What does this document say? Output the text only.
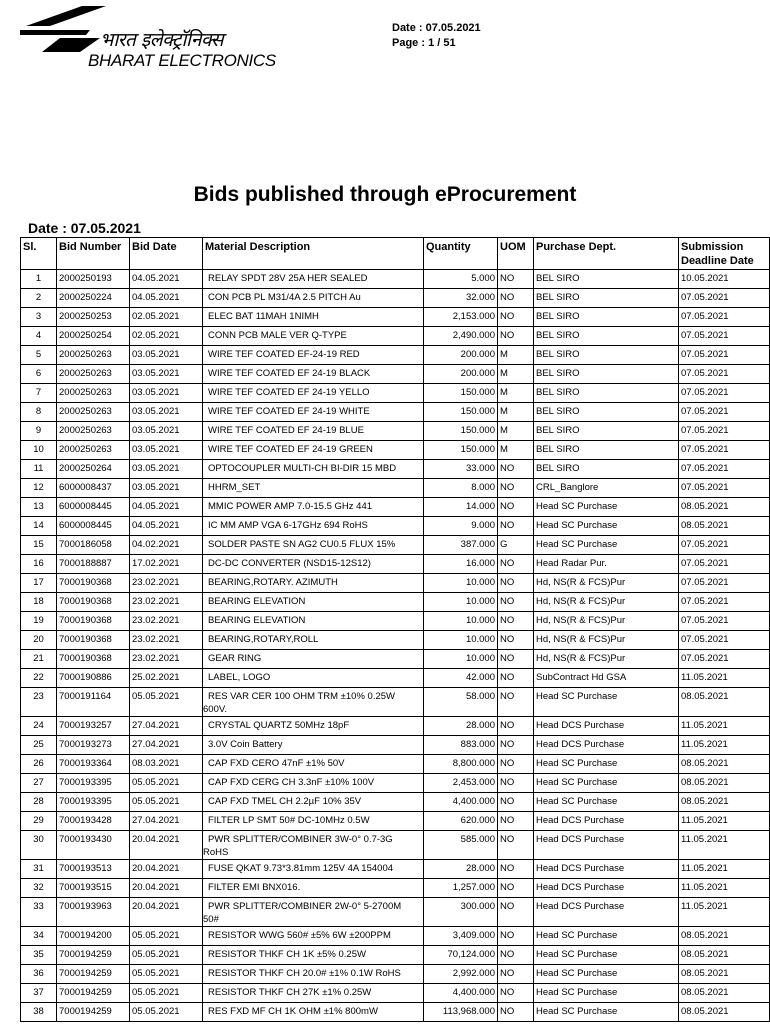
भारत इलेक्ट्रॉनिक्स
BHARAT ELECTRONICS
Date : 07.05.2021
Page : 1 / 51
Bids published through eProcurement
Date : 07.05.2021
Sl.	Bid Number	Bid Date	Material Description	Quantity	UOM	Purchase Dept.	Submission Deadline Date
1	2000250193	04.05.2021	RELAY SPDT 28V 25A HER SEALED	5.000	NO	BEL SIRO	10.05.2021
2	2000250224	04.05.2021	CON PCB PL M31/4A 2.5 PITCH Au	32.000	NO	BEL SIRO	07.05.2021
3	2000250253	02.05.2021	ELEC BAT 11MAH 1NIMH	2,153.000	NO	BEL SIRO	07.05.2021
4	2000250254	02.05.2021	CONN PCB MALE VER Q-TYPE	2,490.000	NO	BEL SIRO	07.05.2021
5	2000250263	03.05.2021	WIRE TEF COATED EF-24-19 RED	200.000	M	BEL SIRO	07.05.2021
6	2000250263	03.05.2021	WIRE TEF COATED EF 24-19 BLACK	200.000	M	BEL SIRO	07.05.2021
7	2000250263	03.05.2021	WIRE TEF COATED EF 24-19 YELLO	150.000	M	BEL SIRO	07.05.2021
8	2000250263	03.05.2021	WIRE TEF COATED EF 24-19 WHITE	150.000	M	BEL SIRO	07.05.2021
9	2000250263	03.05.2021	WIRE TEF COATED EF 24-19 BLUE	150.000	M	BEL SIRO	07.05.2021
10	2000250263	03.05.2021	WIRE TEF COATED EF 24-19 GREEN	150.000	M	BEL SIRO	07.05.2021
11	2000250264	03.05.2021	OPTOCOUPLER MULTI-CH BI-DIR 15 MBD	33.000	NO	BEL SIRO	07.05.2021
12	6000008437	03.05.2021	HHRM_SET	8.000	NO	CRL_Banglore	07.05.2021
13	6000008445	04.05.2021	MMIC POWER AMP 7.0-15.5 GHz 441	14.000	NO	Head SC Purchase	08.05.2021
14	6000008445	04.05.2021	IC MM AMP VGA 6-17GHz 694 RoHS	9.000	NO	Head SC Purchase	08.05.2021
15	7000186058	04.02.2021	SOLDER PASTE SN AG2 CU0.5 FLUX 15%	387.000	G	Head SC Purchase	07.05.2021
16	7000188887	17.02.2021	DC-DC CONVERTER (NSD15-12S12)	16.000	NO	Head Radar Pur.	07.05.2021
17	7000190368	23.02.2021	BEARING,ROTARY. AZIMUTH	10.000	NO	Hd, NS(R & FCS)Pur	07.05.2021
18	7000190368	23.02.2021	BEARING ELEVATION	10.000	NO	Hd, NS(R & FCS)Pur	07.05.2021
19	7000190368	23.02.2021	BEARING ELEVATION	10.000	NO	Hd, NS(R & FCS)Pur	07.05.2021
20	7000190368	23.02.2021	BEARING,ROTARY,ROLL	10.000	NO	Hd, NS(R & FCS)Pur	07.05.2021
21	7000190368	23.02.2021	GEAR RING	10.000	NO	Hd, NS(R & FCS)Pur	07.05.2021
22	7000190886	25.02.2021	LABEL, LOGO	42.000	NO	SubContract Hd GSA	11.05.2021
23	7000191164	05.05.2021	RES VAR CER 100 OHM TRM ±10% 0.25W
600V.	58.000	NO	Head SC Purchase	08.05.2021
24	7000193257	27.04.2021	CRYSTAL QUARTZ 50MHz 18pF	28.000	NO	Head DCS Purchase	11.05.2021
25	7000193273	27.04.2021	3.0V Coin Battery	883.000	NO	Head DCS Purchase	11.05.2021
26	7000193364	08.03.2021	CAP FXD CERO 47nF ±1% 50V	8,800.000	NO	Head SC Purchase	08.05.2021
27	7000193395	05.05.2021	CAP FXD CERG CH 3.3nF ±10% 100V	2,453.000	NO	Head SC Purchase	08.05.2021
28	7000193395	05.05.2021	CAP FXD TMEL CH 2.2µF 10% 35V	4,400.000	NO	Head SC Purchase	08.05.2021
29	7000193428	27.04.2021	FILTER LP SMT 50# DC-10MHz 0.5W	620.000	NO	Head DCS Purchase	11.05.2021
30	7000193430	20.04.2021	PWR SPLITTER/COMBINER 3W-0° 0.7-3G
RoHS	585.000	NO	Head DCS Purchase	11.05.2021
31	7000193513	20.04.2021	FUSE QKAT 9.73*3.81mm 125V 4A 154004	28.000	NO	Head DCS Purchase	11.05.2021
32	7000193515	20.04.2021	FILTER EMI BNX016.	1,257.000	NO	Head DCS Purchase	11.05.2021
33	7000193963	20.04.2021	PWR SPLITTER/COMBINER 2W-0° 5-2700M
50#	300.000	NO	Head DCS Purchase	11.05.2021
34	7000194200	05.05.2021	RESISTOR WWG 560# ±5% 6W ±200PPM	3,409.000	NO	Head SC Purchase	08.05.2021
35	7000194259	05.05.2021	RESISTOR THKF CH 1K ±5% 0.25W	70,124.000	NO	Head SC Purchase	08.05.2021
36	7000194259	05.05.2021	RESISTOR THKF CH 20.0# ±1% 0.1W RoHS	2,992.000	NO	Head SC Purchase	08.05.2021
37	7000194259	05.05.2021	RESISTOR THKF CH 27K ±1% 0.25W	4,400.000	NO	Head SC Purchase	08.05.2021
38	7000194259	05.05.2021	RES FXD MF CH 1K OHM ±1% 800mW	113,968.000	NO	Head SC Purchase	08.05.2021
